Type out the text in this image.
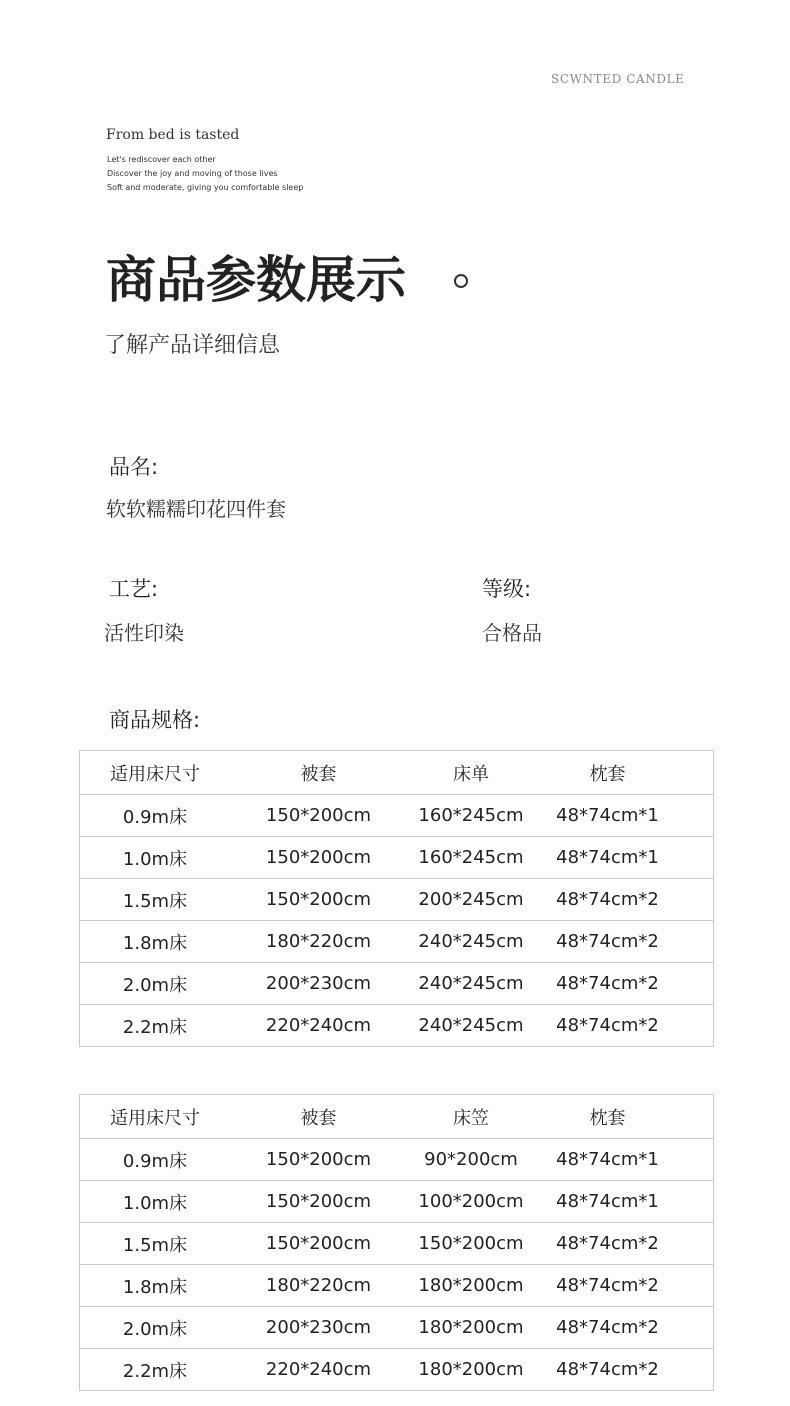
SCWNTED CANDLE
From bed is tasted
Let's rediscover each other
Discover the joy and moving of those lives
Soft and moderate, giving you comfortable sleep
商品参数展示
了解产品详细信息
品名:
软软糯糯印花四件套
工艺:
活性印染
等级:
合格品
商品规格:
适用床尺寸	被套	床单	枕套
0.9m床	150*200cm	160*245cm	48*74cm*1
1.0m床	150*200cm	160*245cm	48*74cm*1
1.5m床	150*200cm	200*245cm	48*74cm*2
1.8m床	180*220cm	240*245cm	48*74cm*2
2.0m床	200*230cm	240*245cm	48*74cm*2
2.2m床	220*240cm	240*245cm	48*74cm*2
适用床尺寸	被套	床笠	枕套
0.9m床	150*200cm	90*200cm	48*74cm*1
1.0m床	150*200cm	100*200cm	48*74cm*1
1.5m床	150*200cm	150*200cm	48*74cm*2
1.8m床	180*220cm	180*200cm	48*74cm*2
2.0m床	200*230cm	180*200cm	48*74cm*2
2.2m床	220*240cm	180*200cm	48*74cm*2
